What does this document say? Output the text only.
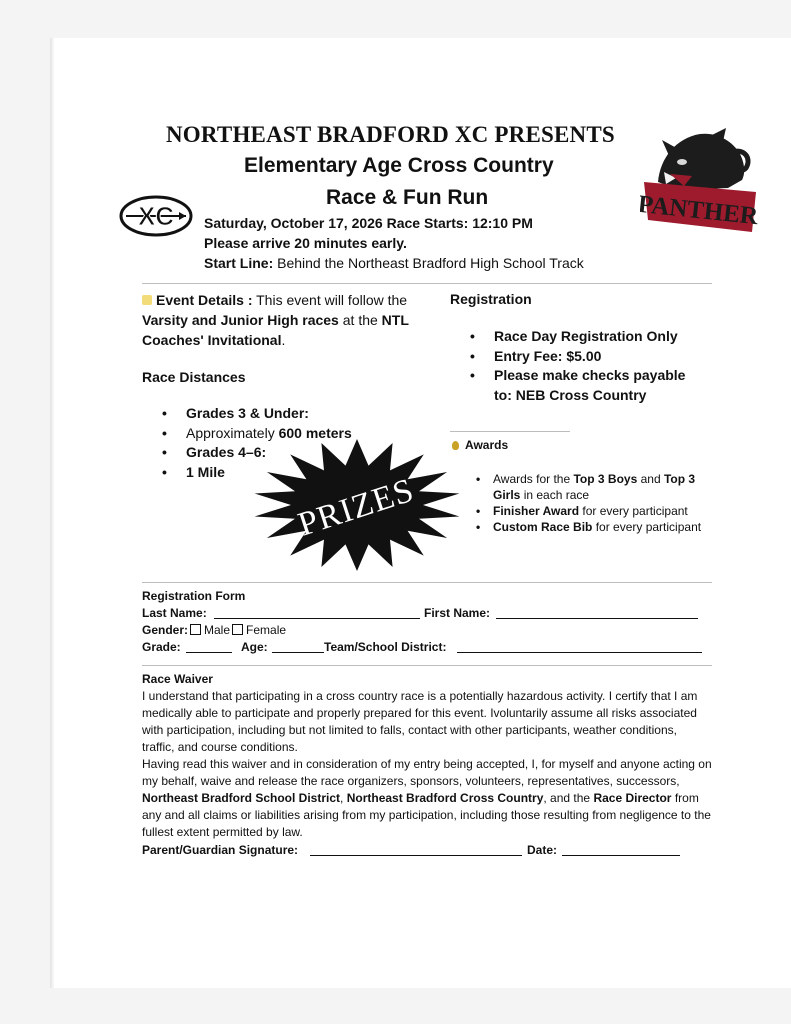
NORTHEAST BRADFORD XC PRESENTS
Elementary Age Cross Country
Race & Fun Run
XC	PANTHER
Saturday, October 17, 2026 Race Starts: 12:10 PM
Please arrive 20 minutes early.
Start Line: Behind the Northeast Bradford High School Track
Event Details : This event will follow the Varsity and Junior High races at the NTL Coaches' Invitational.
Race Distances
• Grades 3 & Under:
• Approximately 600 meters
• Grades 4–6:
• 1 Mile
PRIZES
Registration
• Race Day Registration Only
• Entry Fee: $5.00
• Please make checks payable to: NEB Cross Country
Awards
• Awards for the Top 3 Boys and Top 3 Girls in each race
• Finisher Award for every participant
• Custom Race Bib for every participant
Registration Form
Last Name:	First Name:
Gender: Male Female
Grade:	Age:	Team/School District:
Race Waiver
I understand that participating in a cross country race is a potentially hazardous activity. I certify that I am medically able to participate and properly prepared for this event. Ivoluntarily assume all risks associated with participation, including but not limited to falls, contact with other participants, weather conditions, traffic, and course conditions.
Having read this waiver and in consideration of my entry being accepted, I, for myself and anyone acting on my behalf, waive and release the race organizers, sponsors, volunteers, representatives, successors, Northeast Bradford School District, Northeast Bradford Cross Country, and the Race Director from any and all claims or liabilities arising from my participation, including those resulting from negligence to the fullest extent permitted by law.
Parent/Guardian Signature:	Date:
